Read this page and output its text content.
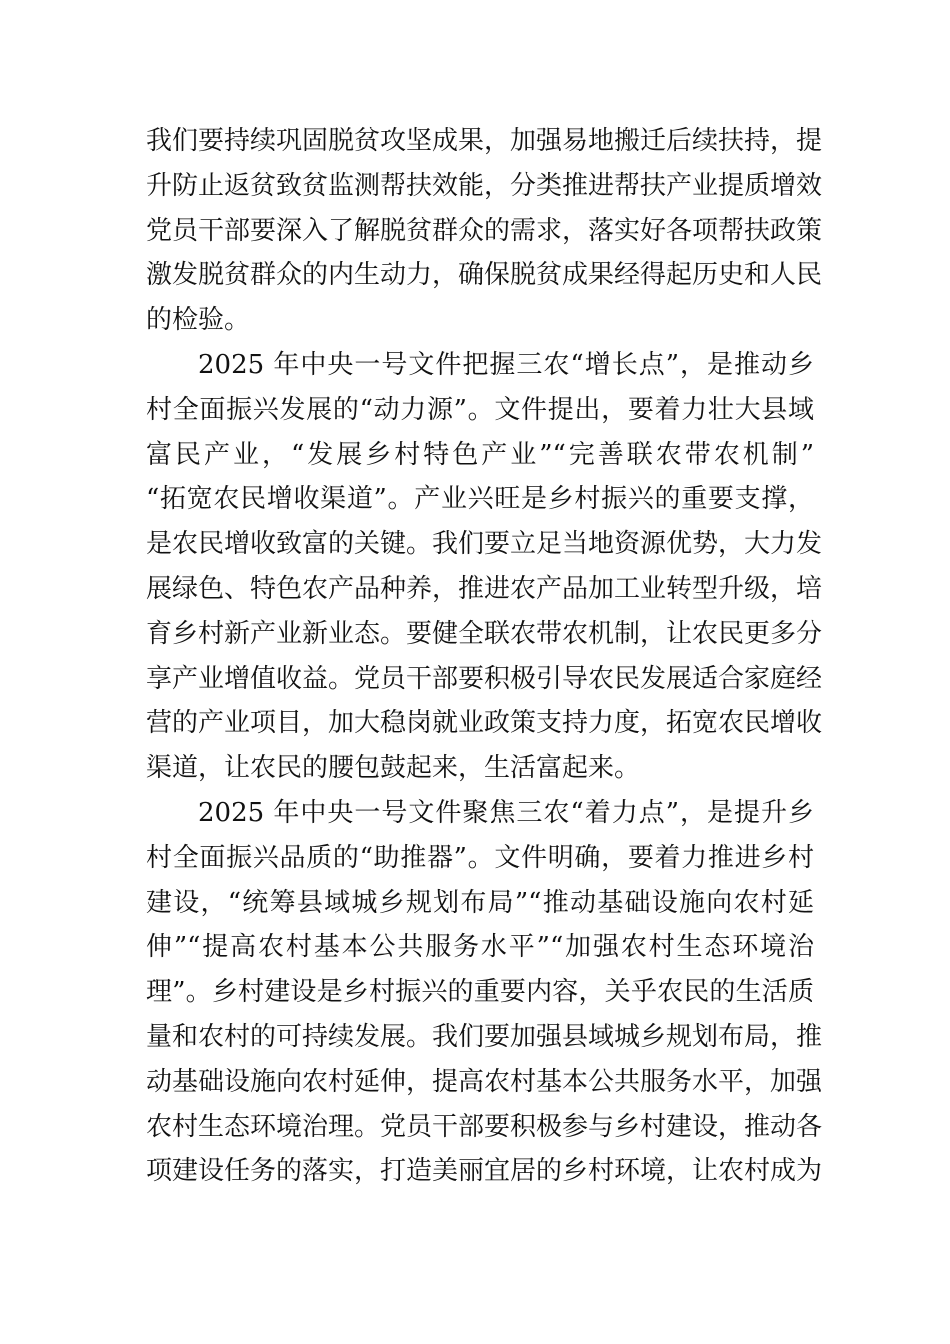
我们要持续巩固脱贫攻坚成果，加强易地搬迁后续扶持，提
升防止返贫致贫监测帮扶效能，分类推进帮扶产业提质增效
党员干部要深入了解脱贫群众的需求，落实好各项帮扶政策
激发脱贫群众的内生动力，确保脱贫成果经得起历史和人民
的检验。
2025 年中央一号文件把握三农“增长点”，是推动乡
村全面振兴发展的“动力源”。文件提出，要着力壮大县域
富民产业，“发展乡村特色产业”“完善联农带农机制”
“拓宽农民增收渠道”。产业兴旺是乡村振兴的重要支撑，
是农民增收致富的关键。我们要立足当地资源优势，大力发
展绿色、特色农产品种养，推进农产品加工业转型升级，培
育乡村新产业新业态。要健全联农带农机制，让农民更多分
享产业增值收益。党员干部要积极引导农民发展适合家庭经
营的产业项目，加大稳岗就业政策支持力度，拓宽农民增收
渠道，让农民的腰包鼓起来，生活富起来。
2025 年中央一号文件聚焦三农“着力点”，是提升乡
村全面振兴品质的“助推器”。文件明确，要着力推进乡村
建设，“统筹县域城乡规划布局”“推动基础设施向农村延
伸”“提高农村基本公共服务水平”“加强农村生态环境治
理”。乡村建设是乡村振兴的重要内容，关乎农民的生活质
量和农村的可持续发展。我们要加强县域城乡规划布局，推
动基础设施向农村延伸，提高农村基本公共服务水平，加强
农村生态环境治理。党员干部要积极参与乡村建设，推动各
项建设任务的落实，打造美丽宜居的乡村环境，让农村成为
